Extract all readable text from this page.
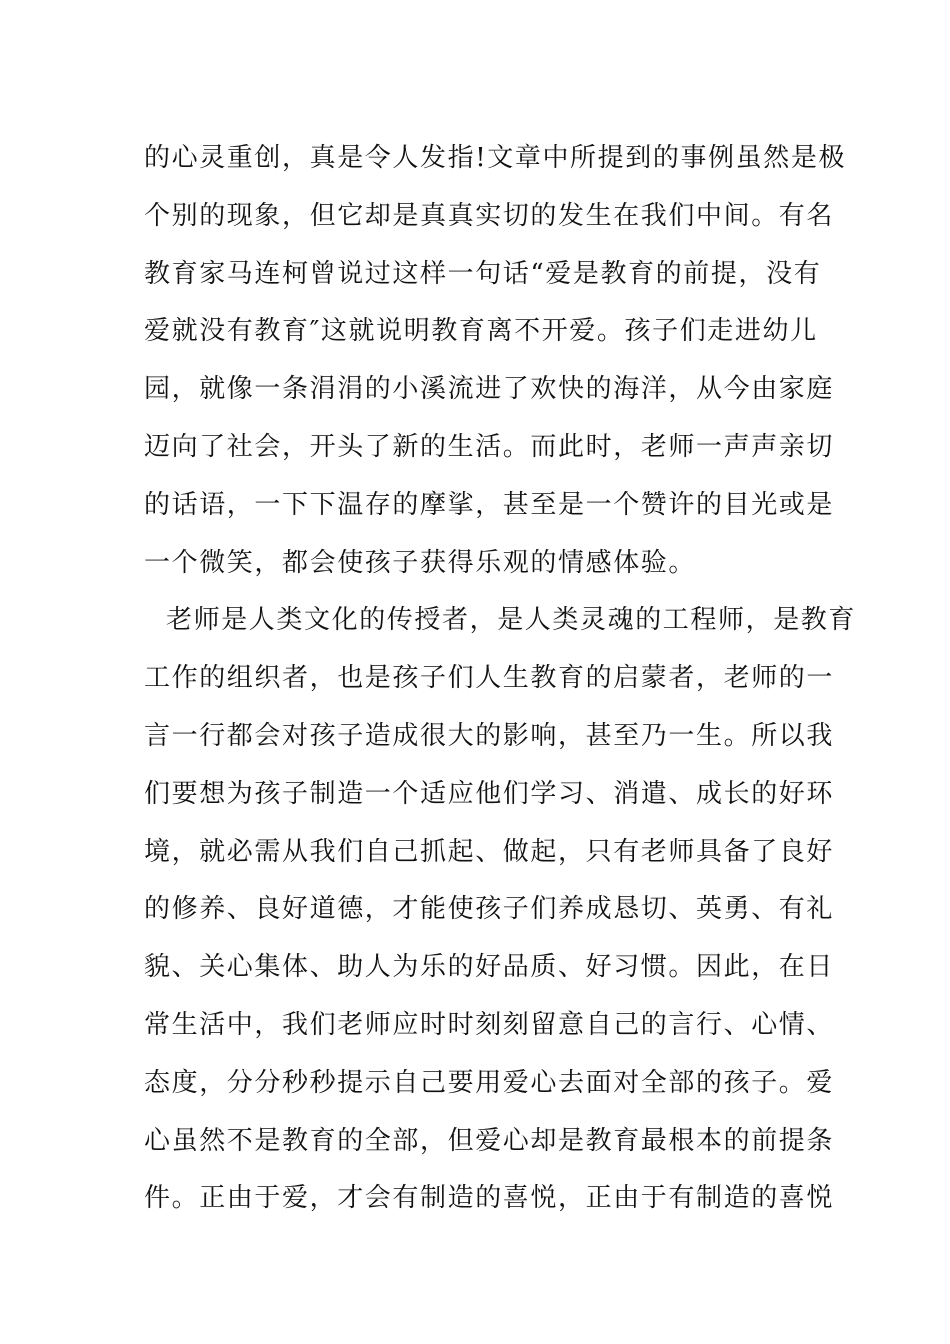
的心灵重创，真是令人发指!文章中所提到的事例虽然是极
个别的现象，但它却是真真实切的发生在我们中间。有名
教育家马连柯曾说过这样一句话“爱是教育的前提，没有
爱就没有教育″这就说明教育离不开爱。孩子们走进幼儿
园，就像一条涓涓的小溪流进了欢快的海洋，从今由家庭
迈向了社会，开头了新的生活。而此时，老师一声声亲切
的话语，一下下温存的摩挲，甚至是一个赞许的目光或是
一个微笑，都会使孩子获得乐观的情感体验。
老师是人类文化的传授者，是人类灵魂的工程师，是教育
工作的组织者，也是孩子们人生教育的启蒙者，老师的一
言一行都会对孩子造成很大的影响，甚至乃一生。所以我
们要想为孩子制造一个适应他们学习、消遣、成长的好环
境，就必需从我们自己抓起、做起，只有老师具备了良好
的修养、良好道德，才能使孩子们养成恳切、英勇、有礼
貌、关心集体、助人为乐的好品质、好习惯。因此，在日
常生活中，我们老师应时时刻刻留意自己的言行、心情、
态度，分分秒秒提示自己要用爱心去面对全部的孩子。爱
心虽然不是教育的全部，但爱心却是教育最根本的前提条
件。正由于爱，才会有制造的喜悦，正由于有制造的喜悦
